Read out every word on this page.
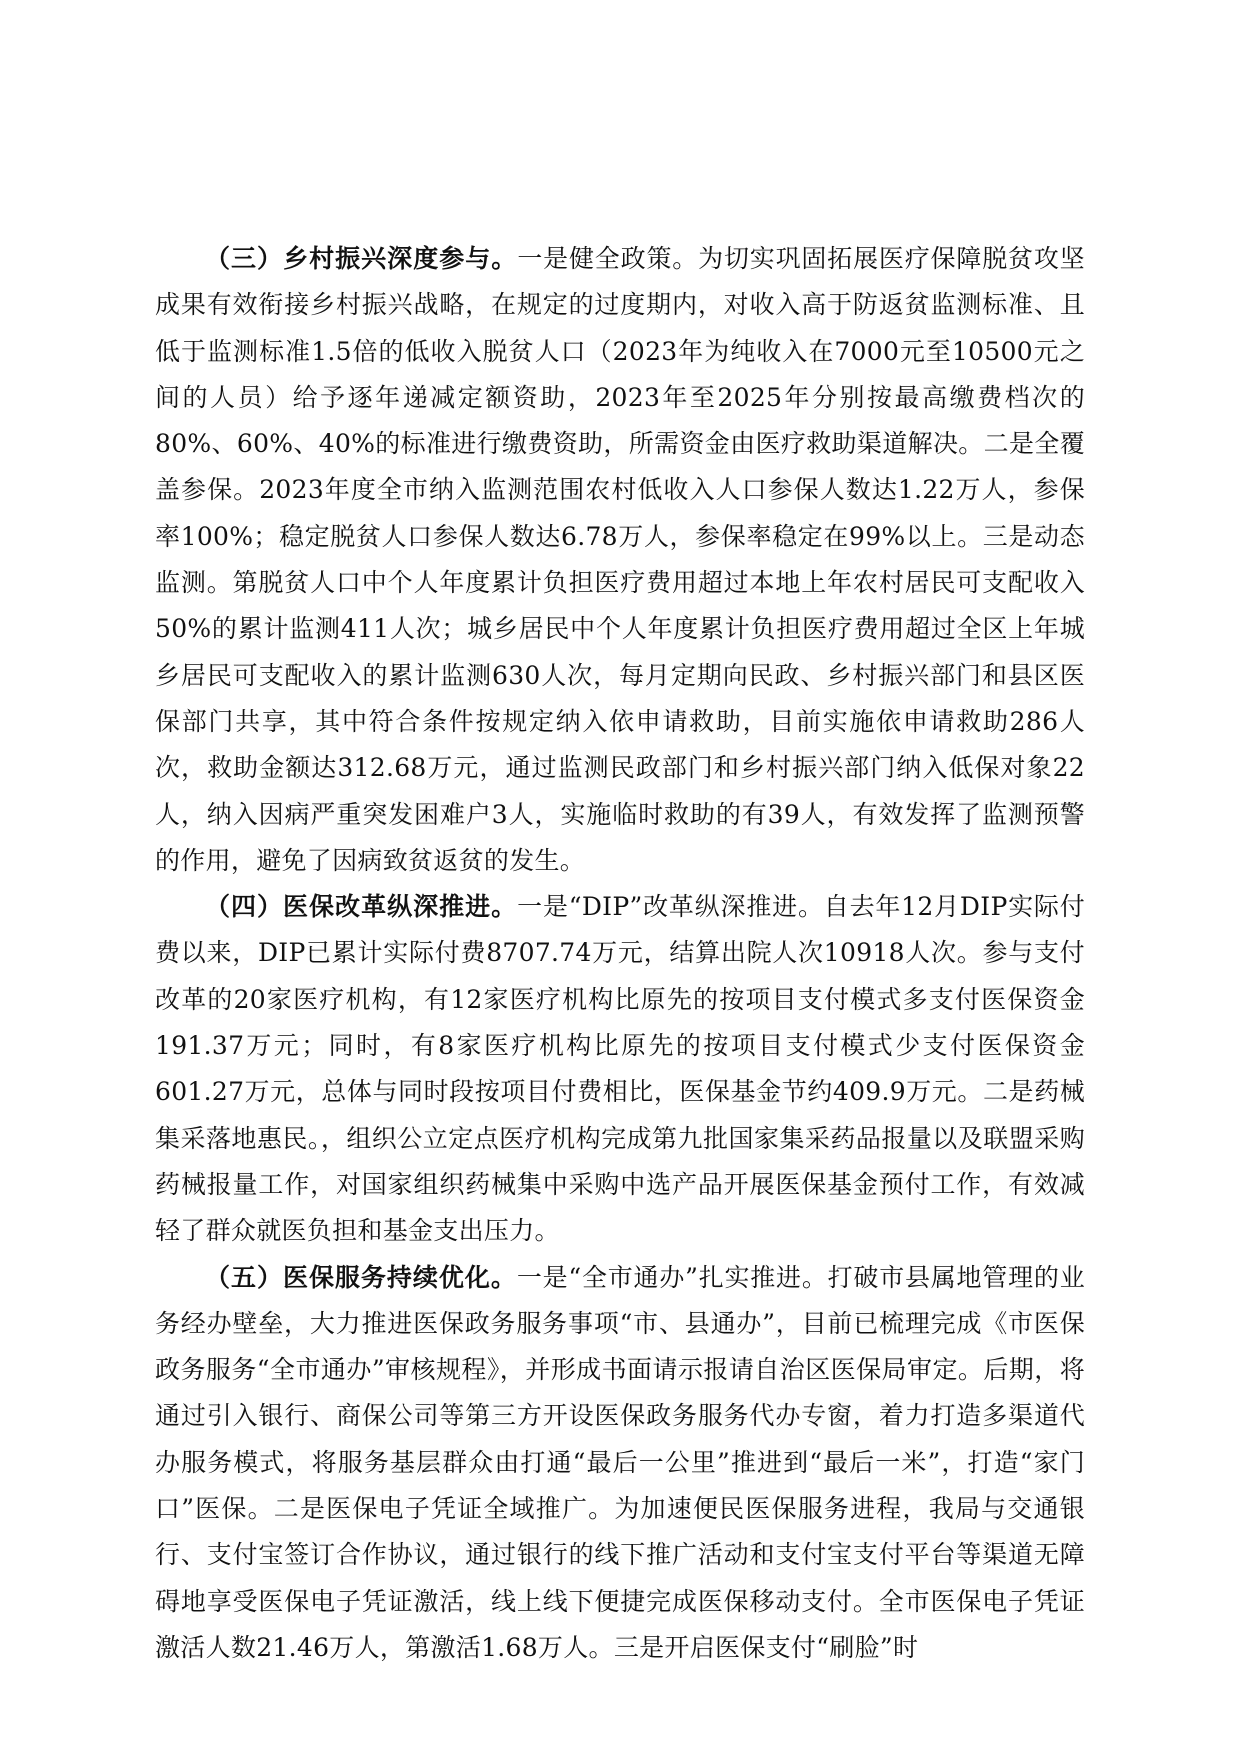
（三）乡村振兴深度参与。一是健全政策。为切实巩固拓展医疗保障脱贫攻坚成果有效衔接乡村振兴战略，在规定的过度期内，对收入高于防返贫监测标准、且低于监测标准1.5倍的低收入脱贫人口（2023年为纯收入在7000元至10500元之间的人员）给予逐年递减定额资助，2023年至2025年分别按最高缴费档次的80%、60%、40%的标准进行缴费资助，所需资金由医疗救助渠道解决。二是全覆盖参保。2023年度全市纳入监测范围农村低收入人口参保人数达1.22万人，参保率100%；稳定脱贫人口参保人数达6.78万人，参保率稳定在99%以上。三是动态监测。第脱贫人口中个人年度累计负担医疗费用超过本地上年农村居民可支配收入50%的累计监测411人次；城乡居民中个人年度累计负担医疗费用超过全区上年城乡居民可支配收入的累计监测630人次，每月定期向民政、乡村振兴部门和县区医保部门共享，其中符合条件按规定纳入依申请救助，目前实施依申请救助286人次，救助金额达312.68万元，通过监测民政部门和乡村振兴部门纳入低保对象22人，纳入因病严重突发困难户3人，实施临时救助的有39人，有效发挥了监测预警的作用，避免了因病致贫返贫的发生。

（四）医保改革纵深推进。一是“DIP”改革纵深推进。自去年12月DIP实际付费以来，DIP已累计实际付费8707.74万元，结算出院人次10918人次。参与支付改革的20家医疗机构，有12家医疗机构比原先的按项目支付模式多支付医保资金191.37万元；同时，有8家医疗机构比原先的按项目支付模式少支付医保资金601.27万元，总体与同时段按项目付费相比，医保基金节约409.9万元。二是药械集采落地惠民。，组织公立定点医疗机构完成第九批国家集采药品报量以及联盟采购药械报量工作，对国家组织药械集中采购中选产品开展医保基金预付工作，有效减轻了群众就医负担和基金支出压力。

（五）医保服务持续优化。一是“全市通办”扎实推进。打破市县属地管理的业务经办壁垒，大力推进医保政务服务事项“市、县通办”，目前已梳理完成《市医保政务服务“全市通办”审核规程》，并形成书面请示报请自治区医保局审定。后期，将通过引入银行、商保公司等第三方开设医保政务服务代办专窗，着力打造多渠道代办服务模式，将服务基层群众由打通“最后一公里”推进到“最后一米”，打造“家门口”医保。二是医保电子凭证全域推广。为加速便民医保服务进程，我局与交通银行、支付宝签订合作协议，通过银行的线下推广活动和支付宝支付平台等渠道无障碍地享受医保电子凭证激活，线上线下便捷完成医保移动支付。全市医保电子凭证激活人数21.46万人，第激活1.68万人。三是开启医保支付“刷脸”时
